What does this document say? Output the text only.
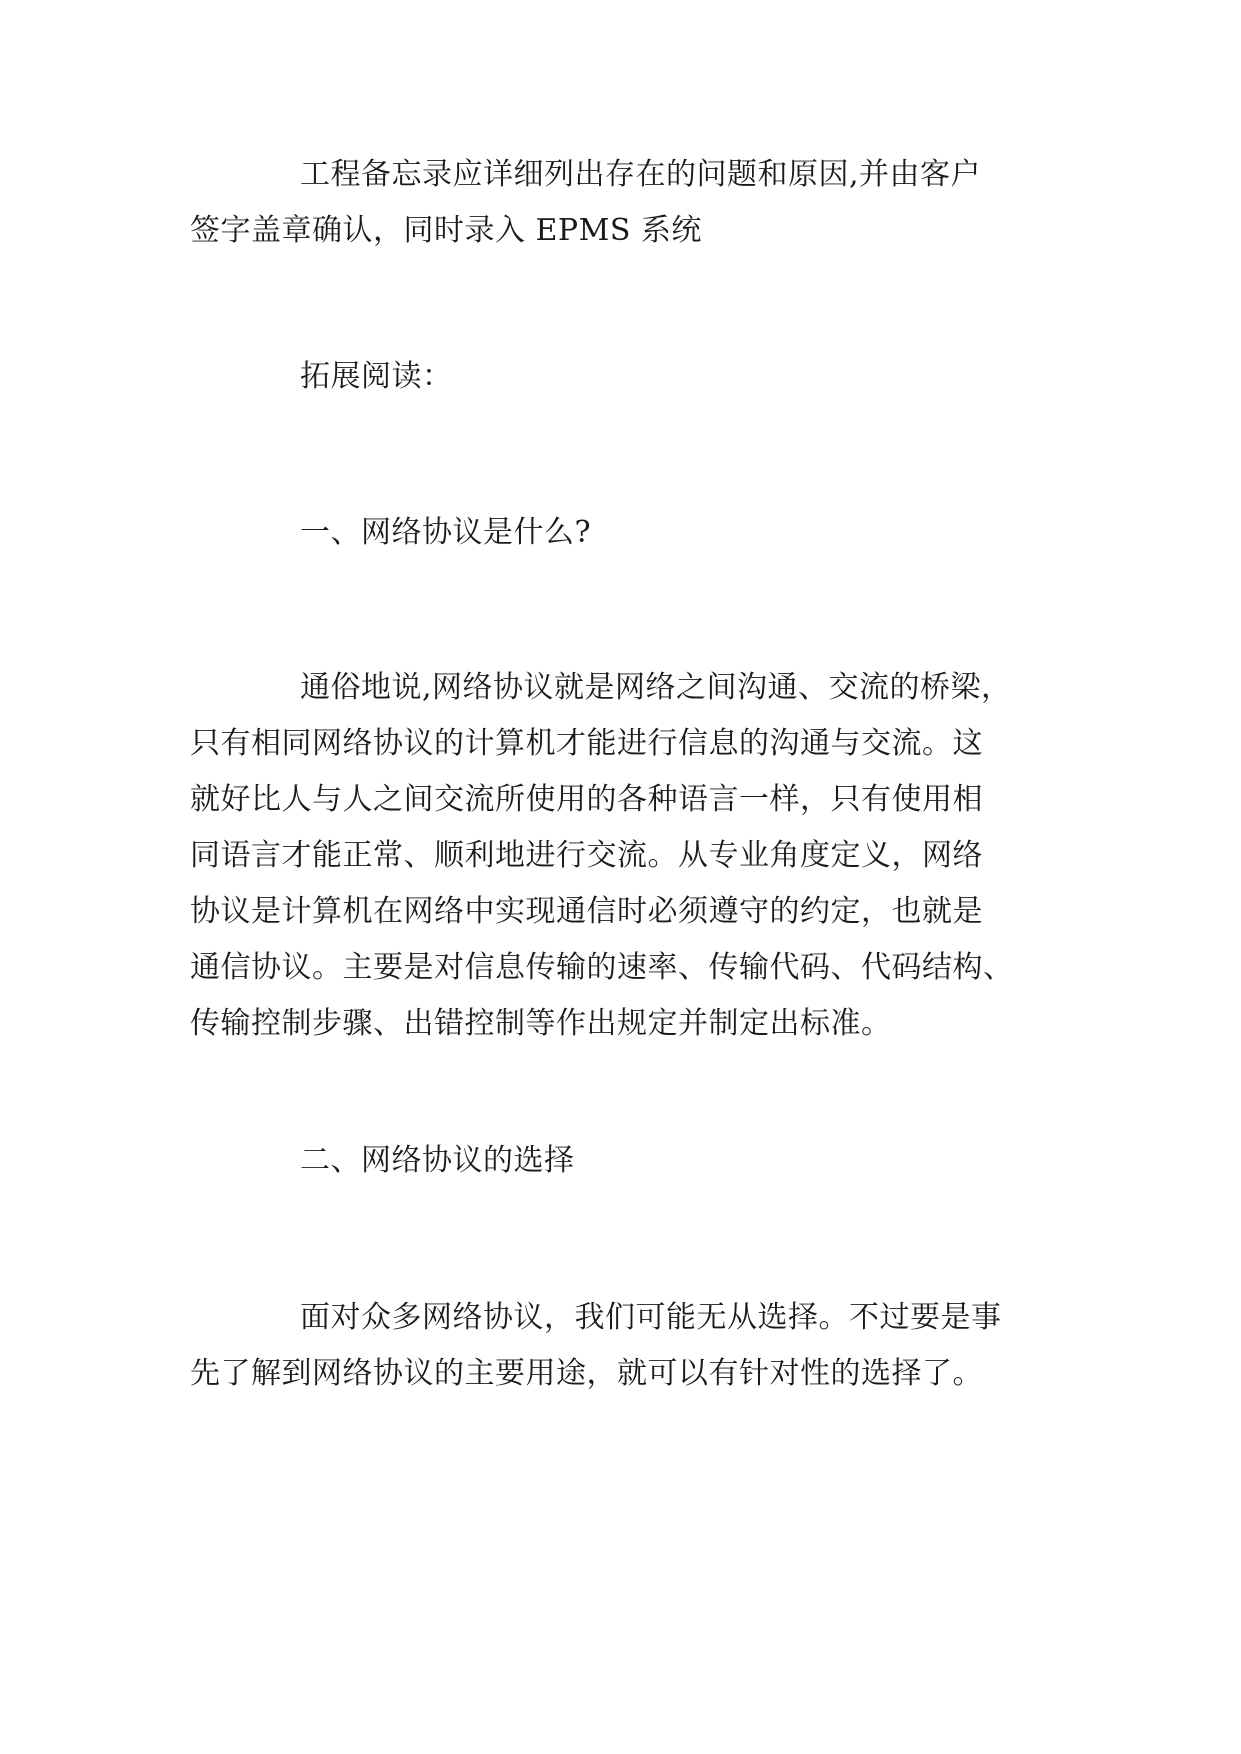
工程备忘录应详细列出存在的问题和原因,并由客户
签字盖章确认，同时录入 EPMS 系统

拓展阅读：

一、网络协议是什么?

通俗地说,网络协议就是网络之间沟通、交流的桥梁，
只有相同网络协议的计算机才能进行信息的沟通与交流。这
就好比人与人之间交流所使用的各种语言一样，只有使用相
同语言才能正常、顺利地进行交流。从专业角度定义，网络
协议是计算机在网络中实现通信时必须遵守的约定，也就是
通信协议。主要是对信息传输的速率、传输代码、代码结构、
传输控制步骤、出错控制等作出规定并制定出标准。

二、网络协议的选择

面对众多网络协议，我们可能无从选择。不过要是事
先了解到网络协议的主要用途，就可以有针对性的选择了。
